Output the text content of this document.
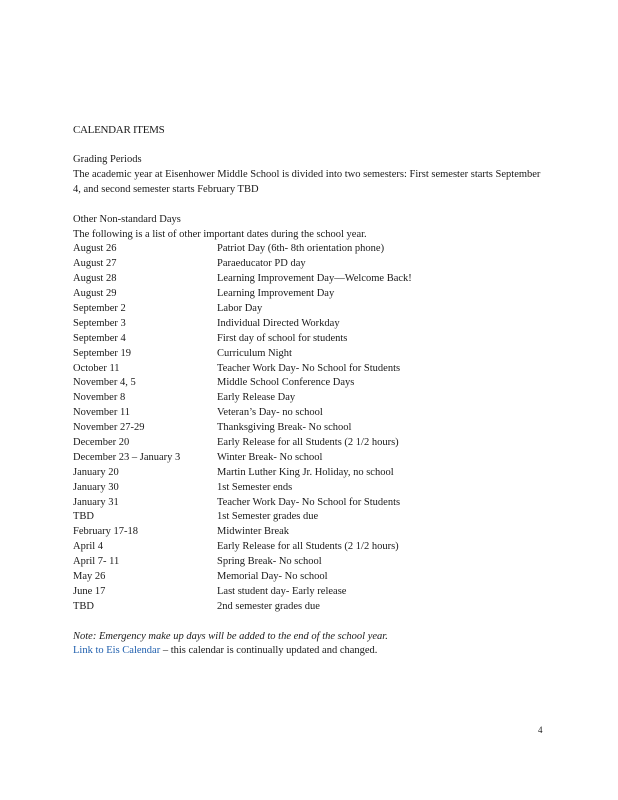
CALENDAR ITEMS

Grading Periods

The academic year at Eisenhower Middle School is divided into two semesters: First semester starts September 4, and second semester starts February TBD

Other Non-standard Days

The following is a list of other important dates during the school year.

August 26	Patriot Day (6th- 8th orientation phone)
August 27	Paraeducator PD day
August 28	Learning Improvement Day—Welcome Back!
August 29	Learning Improvement Day
September 2	Labor Day
September 3	Individual Directed Workday
September 4	First day of school for students
September 19	Curriculum Night
October 11	Teacher Work Day- No School for Students
November 4, 5	Middle School Conference Days
November 8	Early Release Day
November 11	Veteran’s Day- no school
November 27-29	Thanksgiving Break- No school
December 20	Early Release for all Students (2 1/2 hours)
December 23 – January 3	Winter Break- No school
January 20	Martin Luther King Jr. Holiday, no school
January 30	1st Semester ends
January 31	Teacher Work Day- No School for Students
TBD	1st Semester grades due
February 17-18	Midwinter Break
April 4	Early Release for all Students (2 1/2 hours)
April 7- 11	Spring Break- No school
May 26	Memorial Day- No school
June 17	Last student day- Early release
TBD	2nd semester grades due

Note: Emergency make up days will be added to the end of the school year.

Link to Eis Calendar – this calendar is continually updated and changed.

4
